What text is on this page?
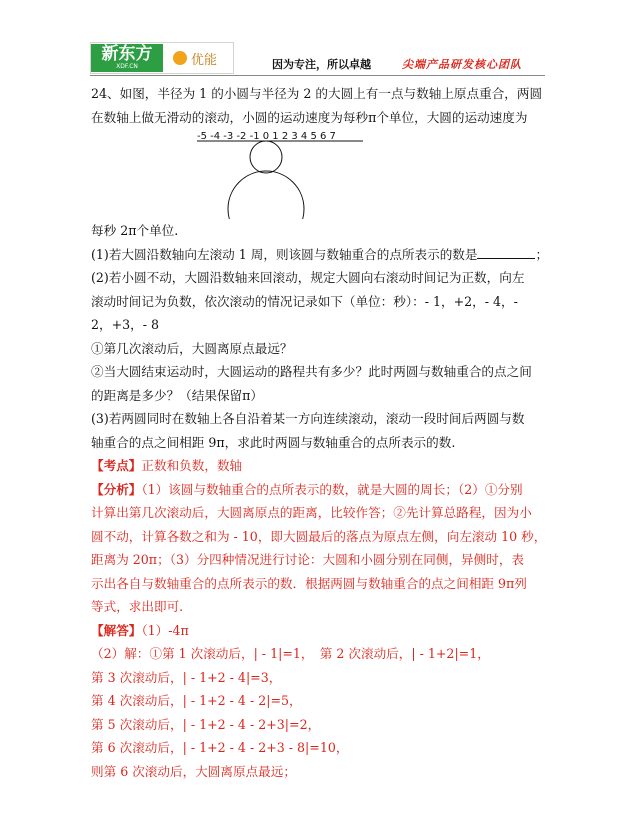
新东方
XDF.CN	优能	因为专注，所以卓越	尖端产品研发核心团队
24、如图，半径为 1 的小圆与半径为 2 的大圆上有一点与数轴上原点重合，两圆
在数轴上做无滑动的滚动，小圆的运动速度为每秒π个单位，大圆的运动速度为
-5 -4 -3 -2 -1 0 1 2 3 4 5 6 7
每秒 2π个单位.
(1)若大圆沿数轴向左滚动 1 周，则该圆与数轴重合的点所表示的数是	；
(2)若小圆不动，大圆沿数轴来回滚动，规定大圆向右滚动时间记为正数，向左
滚动时间记为负数，依次滚动的情况记录如下（单位：秒）：- 1，+2，- 4，-
2，+3，- 8
①第几次滚动后，大圆离原点最远？
②当大圆结束运动时，大圆运动的路程共有多少？此时两圆与数轴重合的点之间
的距离是多少？（结果保留π）
(3)若两圆同时在数轴上各自沿着某一方向连续滚动，滚动一段时间后两圆与数
轴重合的点之间相距 9π，求此时两圆与数轴重合的点所表示的数.
【考点】正数和负数，数轴
【分析】（1）该圆与数轴重合的点所表示的数，就是大圆的周长；（2）①分别
计算出第几次滚动后，大圆离原点的距离，比较作答；②先计算总路程，因为小
圆不动，计算各数之和为 - 10，即大圆最后的落点为原点左侧，向左滚动 10 秒，
距离为 20π；（3）分四种情况进行讨论：大圆和小圆分别在同侧，异侧时，表
示出各自与数轴重合的点所表示的数．根据两圆与数轴重合的点之间相距 9π列
等式，求出即可.
【解答】（1）-4π
（2）解：①第 1 次滚动后，| - 1|=1，　第 2 次滚动后，| - 1+2|=1，
第 3 次滚动后，| - 1+2 - 4|=3，
第 4 次滚动后，| - 1+2 - 4 - 2|=5，
第 5 次滚动后，| - 1+2 - 4 - 2+3|=2，
第 6 次滚动后，| - 1+2 - 4 - 2+3 - 8|=10，
则第 6 次滚动后，大圆离原点最远；
